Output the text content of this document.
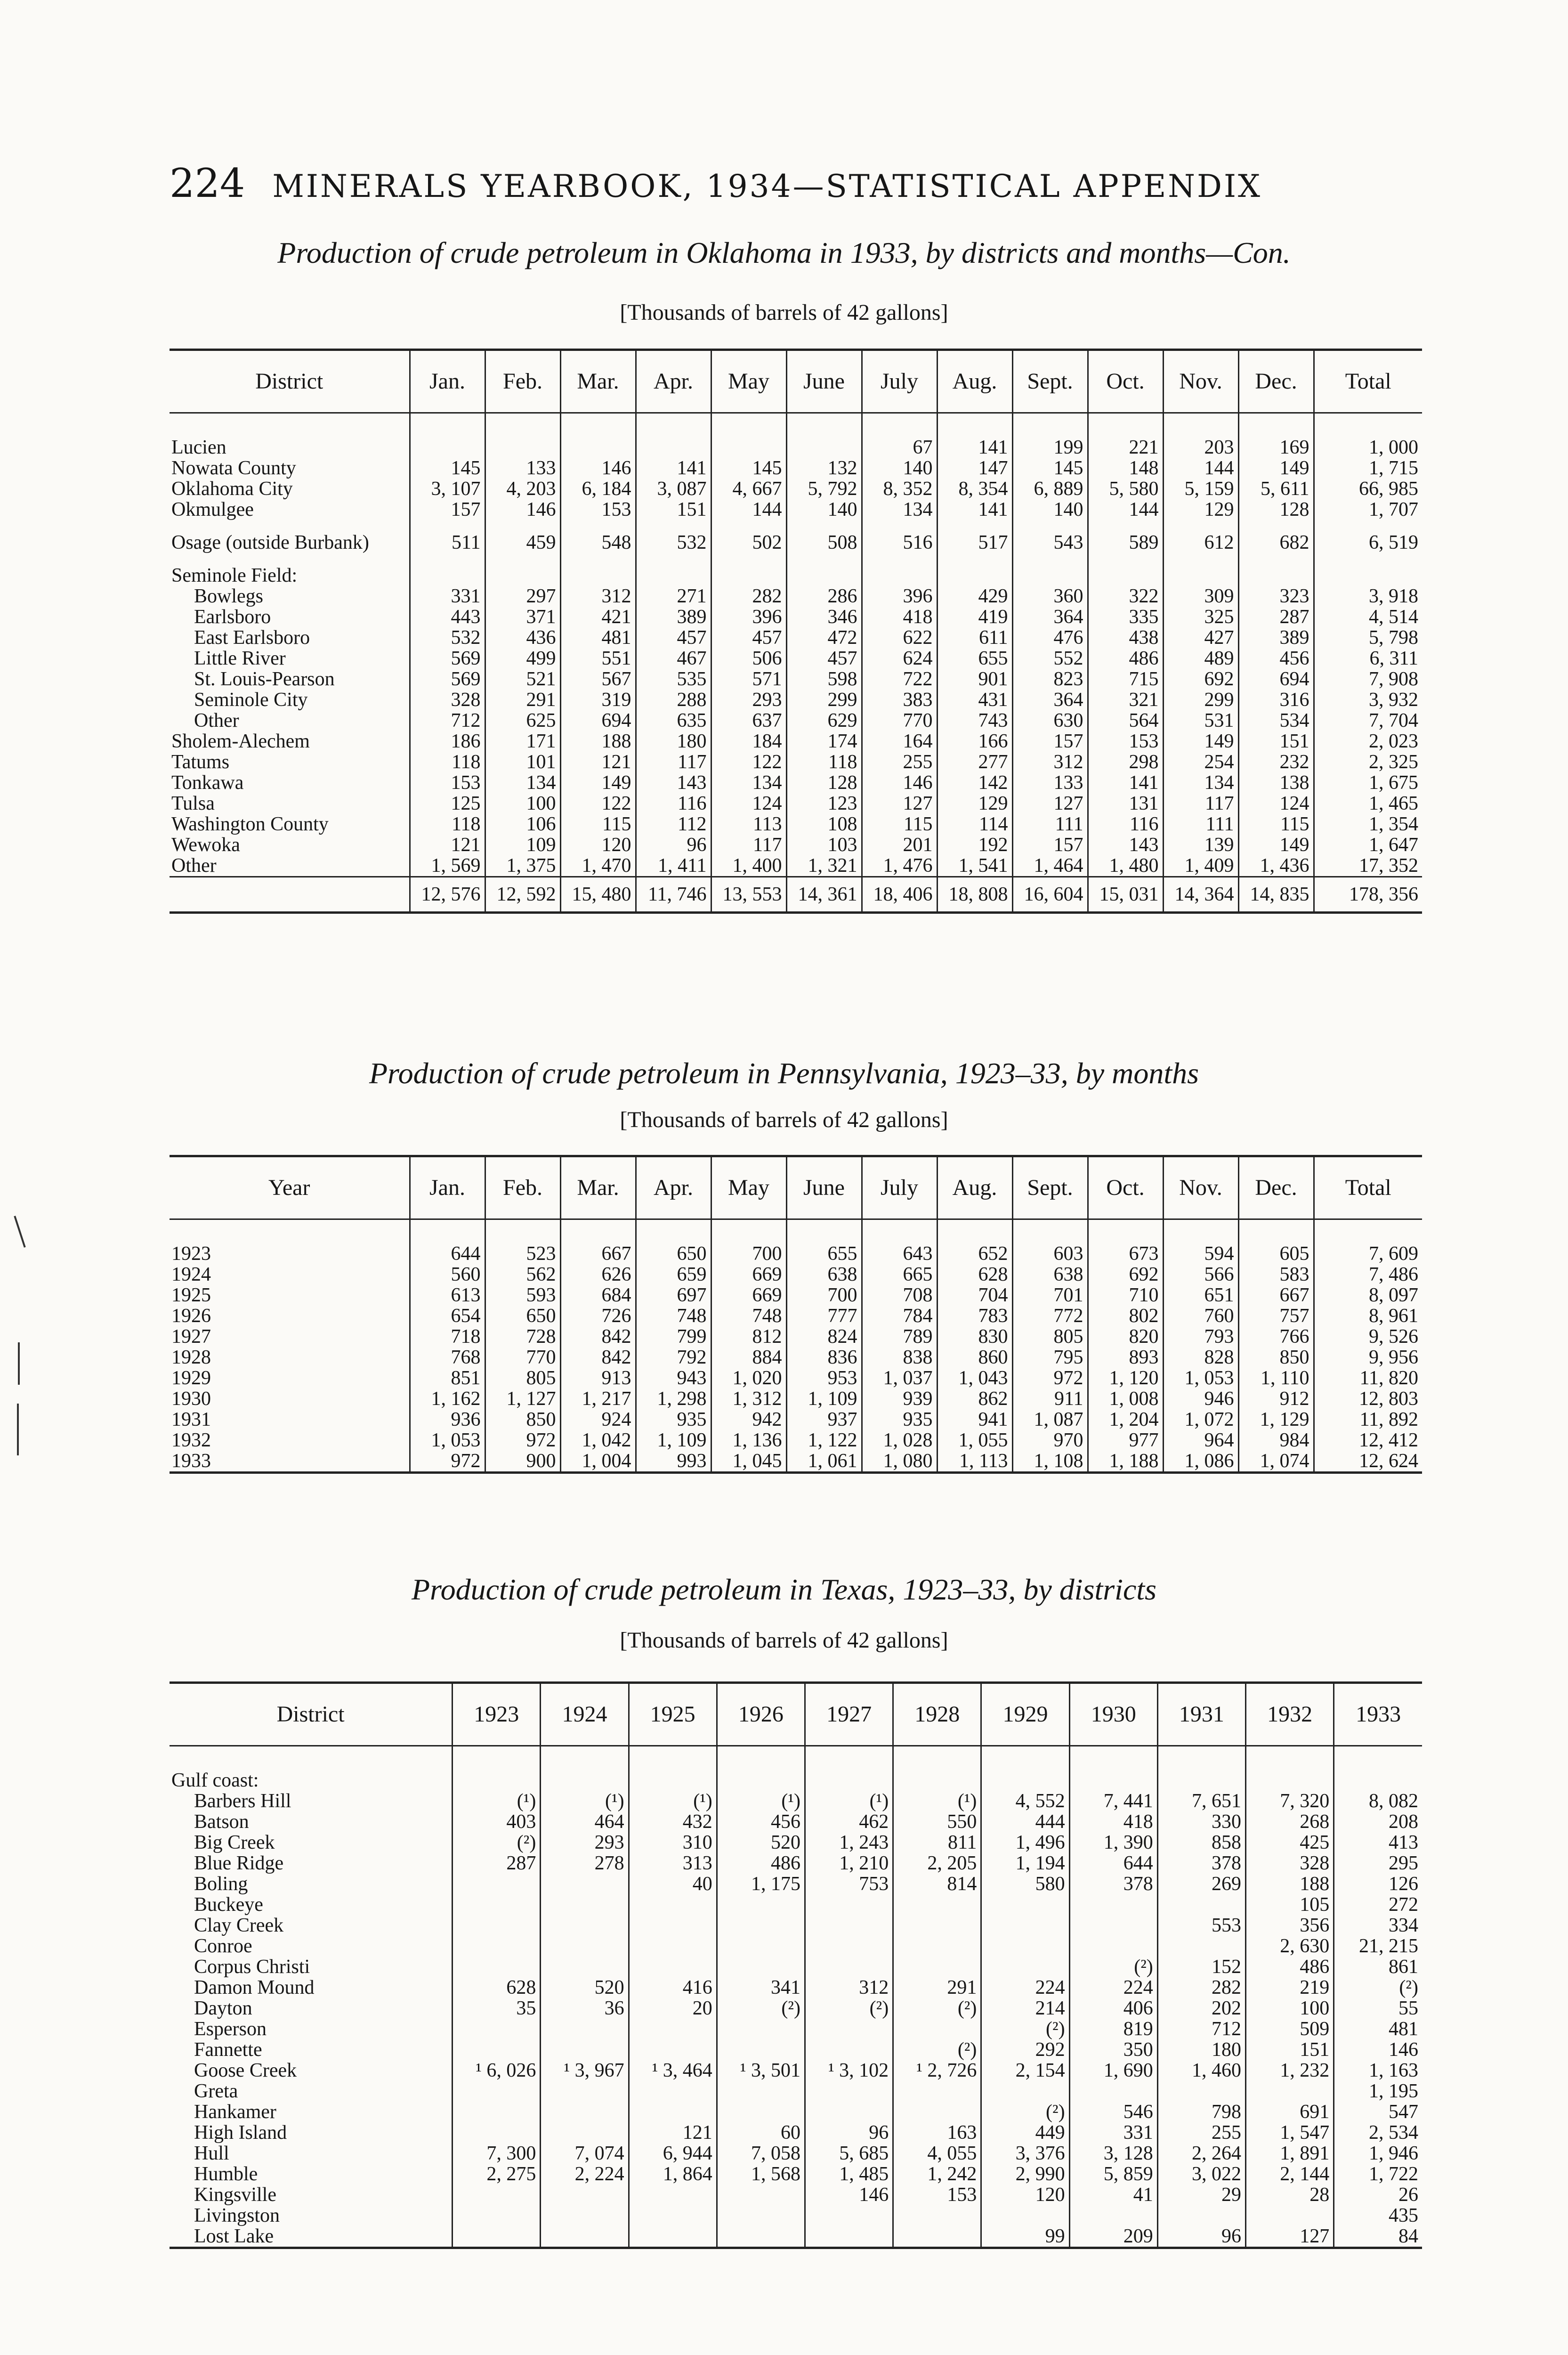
224 MINERALS YEARBOOK, 1934—STATISTICAL APPENDIX
Production of crude petroleum in Oklahoma in 1933, by districts and months—Con.
[Thousands of barrels of 42 gallons]
District	Jan.	Feb.	Mar.	Apr.	May	June	July	Aug.	Sept.	Oct.	Nov.	Dec.	Total

Lucien							67	141	199	221	203	169	1, 000
Nowata County	145	133	146	141	145	132	140	147	145	148	144	149	1, 715
Oklahoma City	3, 107	4, 203	6, 184	3, 087	4, 667	5, 792	8, 352	8, 354	6, 889	5, 580	5, 159	5, 611	66, 985
Okmulgee	157	146	153	151	144	140	134	141	140	144	129	128	1, 707
Osage (outside Burbank)	511	459	548	532	502	508	516	517	543	589	612	682	6, 519
Seminole Field:													
Bowlegs	331	297	312	271	282	286	396	429	360	322	309	323	3, 918
Earlsboro	443	371	421	389	396	346	418	419	364	335	325	287	4, 514
East Earlsboro	532	436	481	457	457	472	622	611	476	438	427	389	5, 798
Little River	569	499	551	467	506	457	624	655	552	486	489	456	6, 311
St. Louis-Pearson	569	521	567	535	571	598	722	901	823	715	692	694	7, 908
Seminole City	328	291	319	288	293	299	383	431	364	321	299	316	3, 932
Other	712	625	694	635	637	629	770	743	630	564	531	534	7, 704
Sholem-Alechem	186	171	188	180	184	174	164	166	157	153	149	151	2, 023
Tatums	118	101	121	117	122	118	255	277	312	298	254	232	2, 325
Tonkawa	153	134	149	143	134	128	146	142	133	141	134	138	1, 675
Tulsa	125	100	122	116	124	123	127	129	127	131	117	124	1, 465
Washington County	118	106	115	112	113	108	115	114	111	116	111	115	1, 354
Wewoka	121	109	120	96	117	103	201	192	157	143	139	149	1, 647
Other	1, 569	1, 375	1, 470	1, 411	1, 400	1, 321	1, 476	1, 541	1, 464	1, 480	1, 409	1, 436	17, 352
	12, 576	12, 592	15, 480	11, 746	13, 553	14, 361	18, 406	18, 808	16, 604	15, 031	14, 364	14, 835	178, 356
Production of crude petroleum in Pennsylvania, 1923–33, by months
[Thousands of barrels of 42 gallons]
Year	Jan.	Feb.	Mar.	Apr.	May	June	July	Aug.	Sept.	Oct.	Nov.	Dec.	Total

1923	644	523	667	650	700	655	643	652	603	673	594	605	7, 609
1924	560	562	626	659	669	638	665	628	638	692	566	583	7, 486
1925	613	593	684	697	669	700	708	704	701	710	651	667	8, 097
1926	654	650	726	748	748	777	784	783	772	802	760	757	8, 961
1927	718	728	842	799	812	824	789	830	805	820	793	766	9, 526
1928	768	770	842	792	884	836	838	860	795	893	828	850	9, 956
1929	851	805	913	943	1, 020	953	1, 037	1, 043	972	1, 120	1, 053	1, 110	11, 820
1930	1, 162	1, 127	1, 217	1, 298	1, 312	1, 109	939	862	911	1, 008	946	912	12, 803
1931	936	850	924	935	942	937	935	941	1, 087	1, 204	1, 072	1, 129	11, 892
1932	1, 053	972	1, 042	1, 109	1, 136	1, 122	1, 028	1, 055	970	977	964	984	12, 412
1933	972	900	1, 004	993	1, 045	1, 061	1, 080	1, 113	1, 108	1, 188	1, 086	1, 074	12, 624
Production of crude petroleum in Texas, 1923–33, by districts
[Thousands of barrels of 42 gallons]
District	1923	1924	1925	1926	1927	1928	1929	1930	1931	1932	1933

Gulf coast:											
Barbers Hill	(¹)	(¹)	(¹)	(¹)	(¹)	(¹)	4, 552	7, 441	7, 651	7, 320	8, 082
Batson	403	464	432	456	462	550	444	418	330	268	208
Big Creek	(²)	293	310	520	1, 243	811	1, 496	1, 390	858	425	413
Blue Ridge	287	278	313	486	1, 210	2, 205	1, 194	644	378	328	295
Boling			40	1, 175	753	814	580	378	269	188	126
Buckeye										105	272
Clay Creek									553	356	334
Conroe										2, 630	21, 215
Corpus Christi								(²)	152	486	861
Damon Mound	628	520	416	341	312	291	224	224	282	219	(²)
Dayton	35	36	20	(²)	(²)	(²)	214	406	202	100	55
Esperson							(²)	819	712	509	481
Fannette						(²)	292	350	180	151	146
Goose Creek	¹ 6, 026	¹ 3, 967	¹ 3, 464	¹ 3, 501	¹ 3, 102	¹ 2, 726	2, 154	1, 690	1, 460	1, 232	1, 163
Greta											1, 195
Hankamer							(²)	546	798	691	547
High Island			121	60	96	163	449	331	255	1, 547	2, 534
Hull	7, 300	7, 074	6, 944	7, 058	5, 685	4, 055	3, 376	3, 128	2, 264	1, 891	1, 946
Humble	2, 275	2, 224	1, 864	1, 568	1, 485	1, 242	2, 990	5, 859	3, 022	2, 144	1, 722
Kingsville					146	153	120	41	29	28	26
Livingston											435
Lost Lake							99	209	96	127	84
